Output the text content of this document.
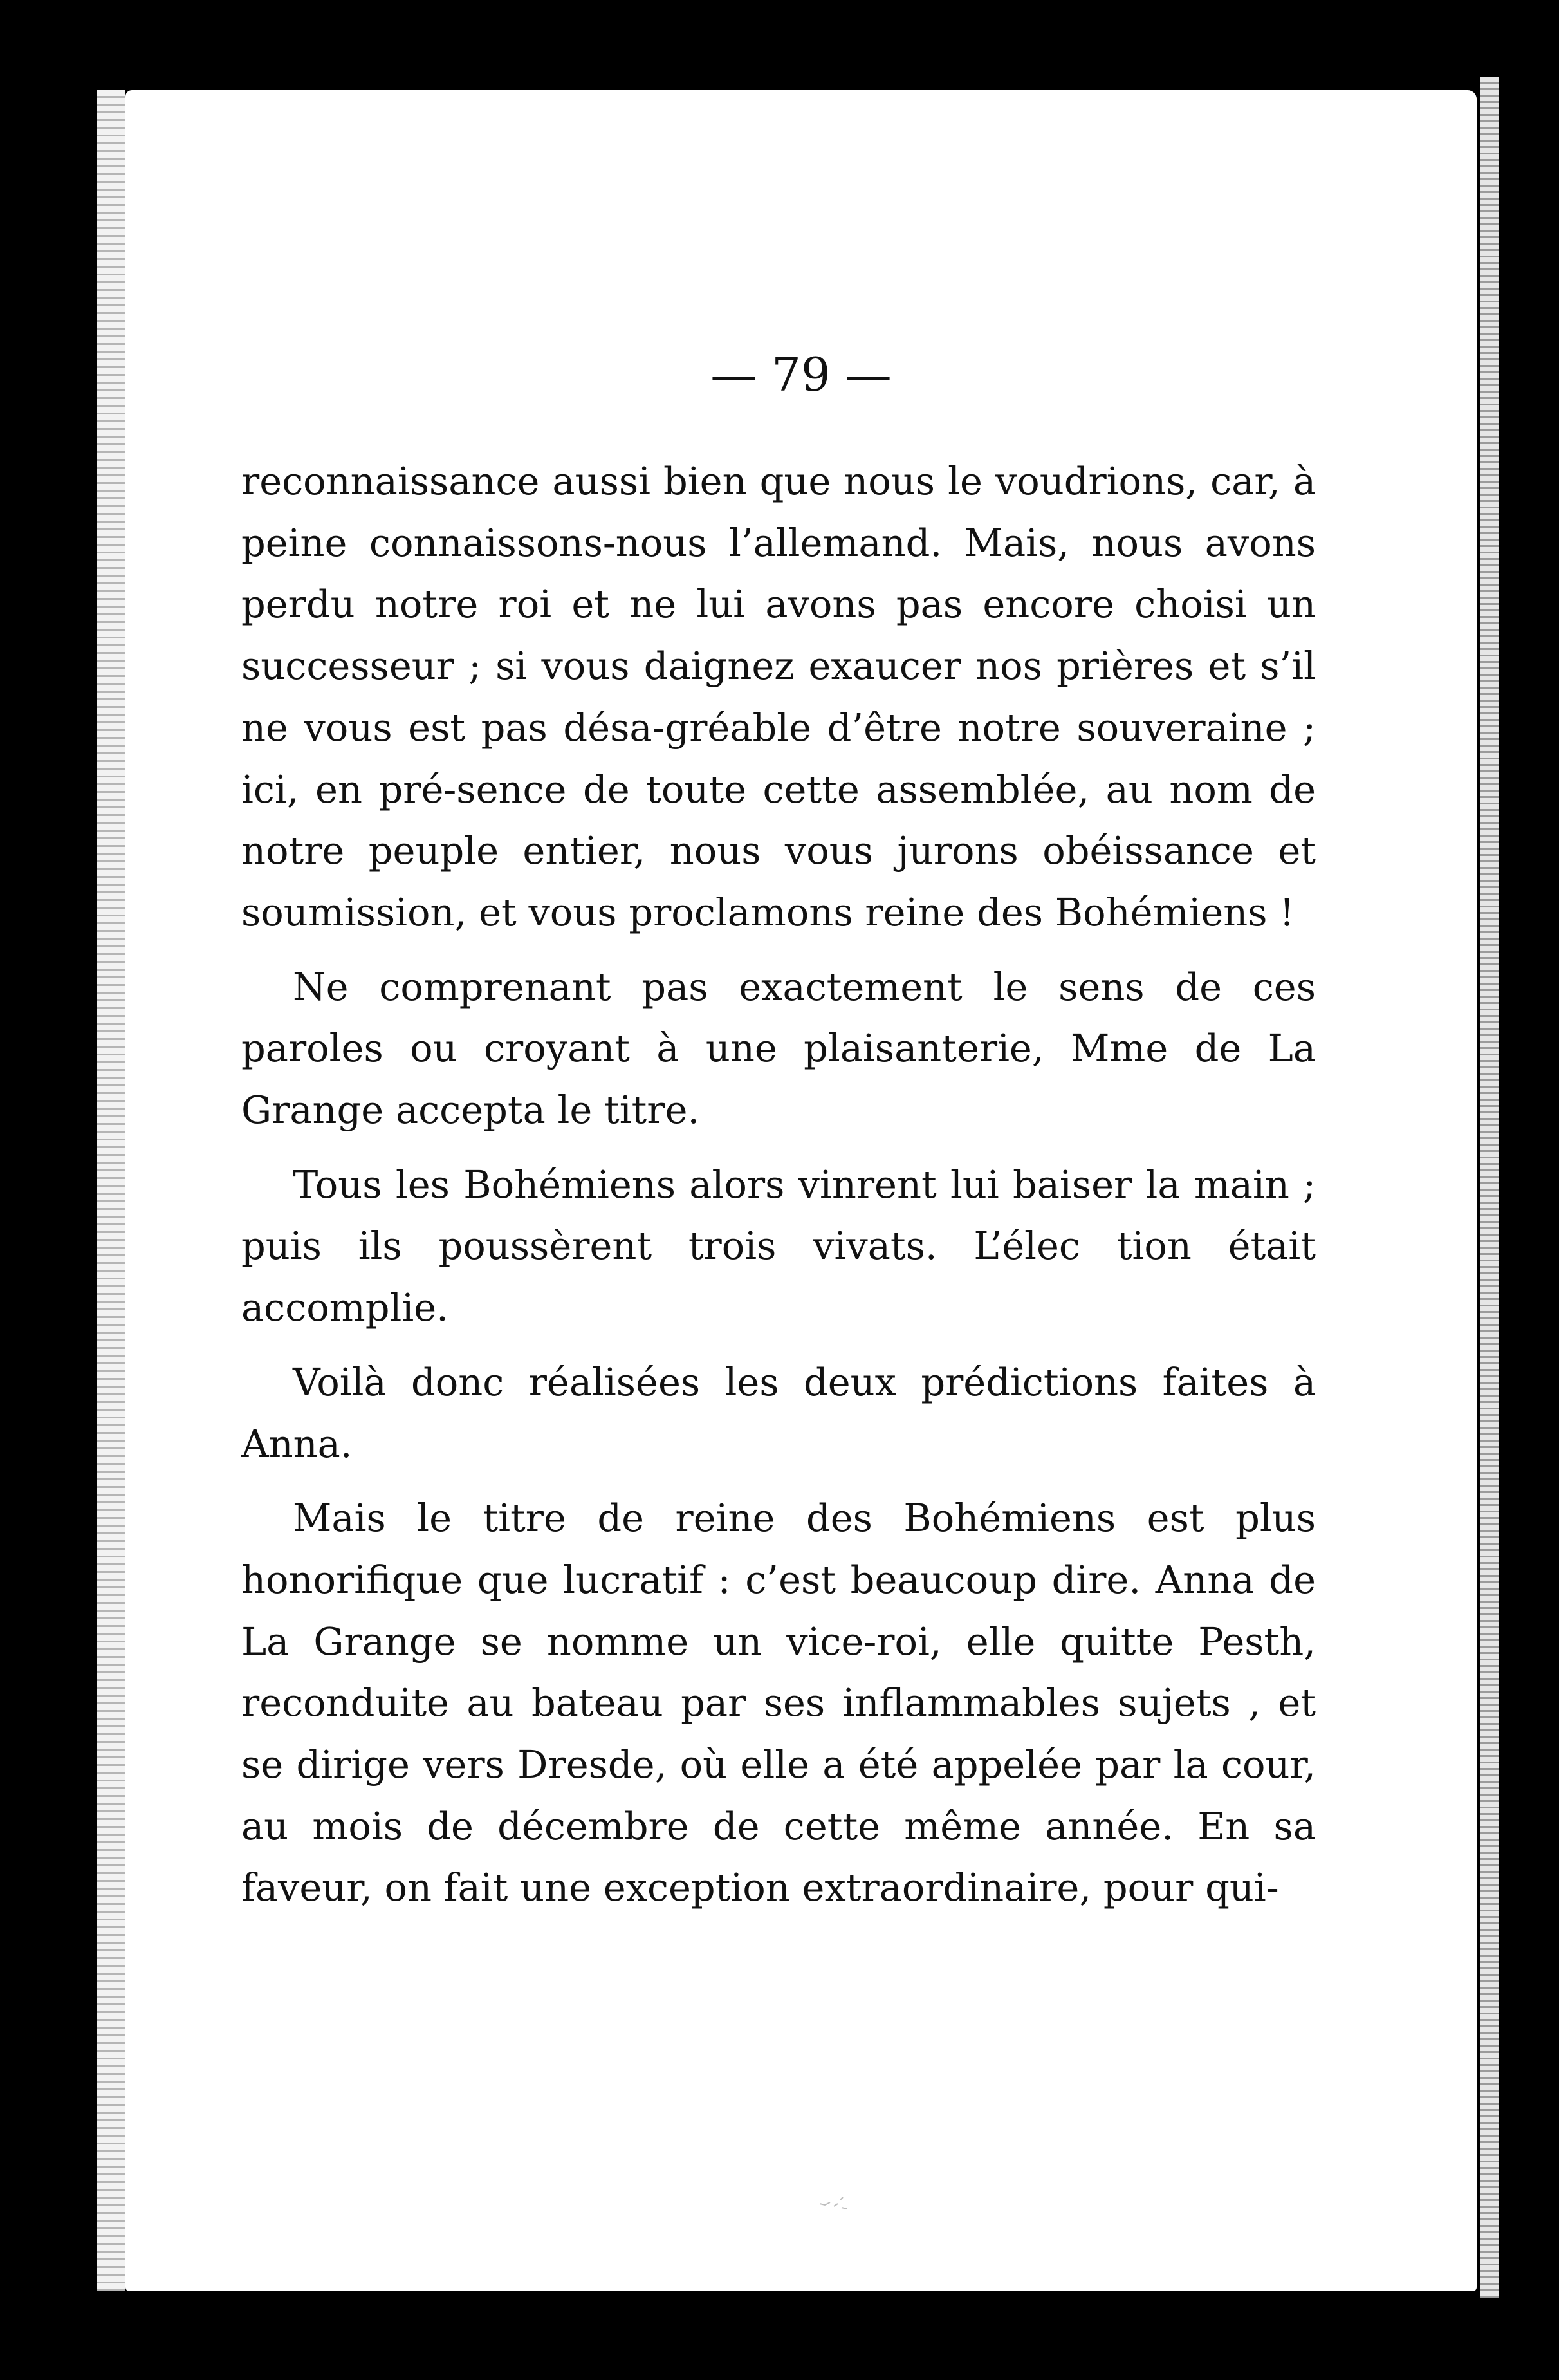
— 79 —

reconnaissance aussi bien que nous le voudrions, car, à peine connaissons-nous l’allemand. Mais, nous avons perdu notre roi et ne lui avons pas encore choisi un successeur ; si vous daignez exaucer nos prières et s’il ne vous est pas désa-gréable d’être notre souveraine ; ici, en pré-sence de toute cette assemblée, au nom de notre peuple entier, nous vous jurons obéissance et soumission, et vous proclamons reine des Bohémiens !

Ne comprenant pas exactement le sens de ces paroles ou croyant à une plaisanterie, Mme de La Grange accepta le titre.

Tous les Bohémiens alors vinrent lui baiser la main ; puis ils poussèrent trois vivats. L’élec tion était accomplie.

Voilà donc réalisées les deux prédictions faites à Anna.

Mais le titre de reine des Bohémiens est plus honorifique que lucratif : c’est beaucoup dire. Anna de La Grange se nomme un vice-roi, elle quitte Pesth, reconduite au bateau par ses inflammables sujets , et se dirige vers Dresde, où elle a été appelée par la cour, au mois de décembre de cette même année. En sa faveur, on fait une exception extraordinaire, pour qui-
